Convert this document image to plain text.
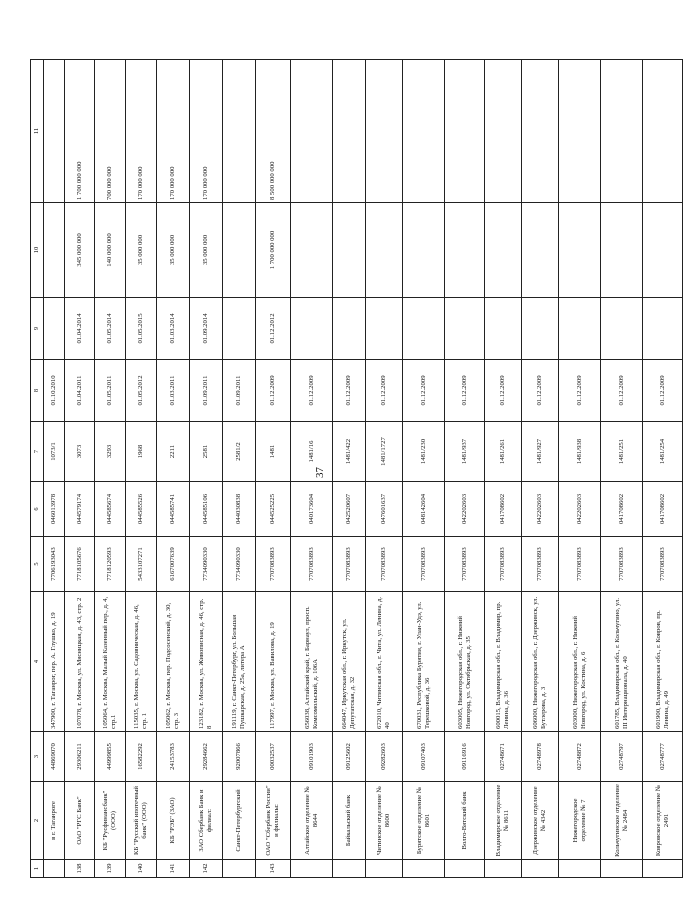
37
1	2	3	4	5	6	7	8	9	10	11
	в г. Таганроге	44869070	347900, г. Таганрог, пер. А. Глушко, д. 19	7706193043	046013978	1073/1	01.10.2010			
138	ОАО "РГС Банк"	29306211	107078, г. Москва, ул. Мясницкая, д. 43, стр. 2	7718105676	044579174	3073	01.04.2011	01.04.2014	345 000 000	1 700 000 000
139	КБ "Русфинансбанк" (ООО)	44999855	105064, г. Москва, Малый Казенный пер., д. 4, стр.1	7718120593	044585674	3293	01.05.2011	01.05.2014	140 000 000	700 000 000
140	КБ "Русский ипотечный банк" (ООО)	16582292	115035, г. Москва, ул. Садовническая, д. 46, стр. 1	5433107271	044585526	1968	01.05.2012	01.05.2015	35 000 000	170 000 000
141	КБ "РЭБ" (ЗАО)	24153783	105062, г. Москва, пер. Подсосенский, д. 30, стр. 3	6167007639	044585741	2211	01.03.2011	01.03.2014	35 000 000	170 000 000
142	ЗАО Сбербанк Банк и филиал:	29284662	123182, г. Москва, ул. Живописная, д. 46, стр. 8	7734090330	044585106	2581	01.09.2011	01.09.2014	35 000 000	170 000 000
	Санкт-Петербургский	92007866	191119, г. Санкт-Петербург, ул. Большая Пушкарская, д. 25а, литера А	7734090330	044030838	2581/2	01.09.2011			
143	ОАО "Сбербанк России" и филиалы:	00032537	117997, г. Москва, ул. Вавилова, д. 19	7707083893	044525225	1481	01.12.2009	01.12.2012	1 700 000 000	8 500 000 000
	Алтайское отделение № 8644	09101903	656038, Алтайский край, г. Барнаул, просп. Комсомольский, д. 106А	7707083893	040173604	1481/16	01.12.2009			
	Байкальский банк	09125602	664047, Иркутская обл., г. Иркутск, ул. Депутатская, д. 32	7707083893	042520607	1481/422	01.12.2009			
	Читинское отделение № 8600	09282603	672010, Читинская обл., г. Чита, ул. Ленина, д. 40	7707083893	047601637	1481/1727	01.12.2009			
	Бурятское отделение № 8601	09107403	670031, Республика Бурятия, г. Улан-Удэ, ул. Терешковой, д. 36	7707083893	048142604	1481/230	01.12.2009			
	Волго-Вятский банк	09116916	603005, Нижегородская обл., г. Нижний Новгород, ул. Октябрьская, д. 35	7707083893	042202603	1481/937	01.12.2009			
	Владимирское отделение № 8611	02748671	600015, Владимирская обл., г. Владимир, пр. Ленина, д. 36	7707083893	041708602	1481/261	01.12.2009			
	Дзержинское отделение № 4342	02748978	606000, Нижегородская обл., г. Дзержинск, ул. Бутлерова, д. 3	7707083893	042202603	1481/927	01.12.2009			
	Нижегородское отделение № 7	02748872	603000, Нижегородская обл., г. Нижний Новгород, ул. Костина, д. 6	7707083893	042202603	1481/938	01.12.2009			
	Кольчугинское отделение № 2484	02748797	601785, Владимирская обл., г. Кольчугино, ул. III Интернационала, д. 40	7707083893	041708602	1481/251	01.12.2009			
	Ковровское отделение № 2491	02748777	601900, Владимирская обл., г. Ковров, пр. Ленина, д. 49	7707083893	041708602	1481/254	01.12.2009			
